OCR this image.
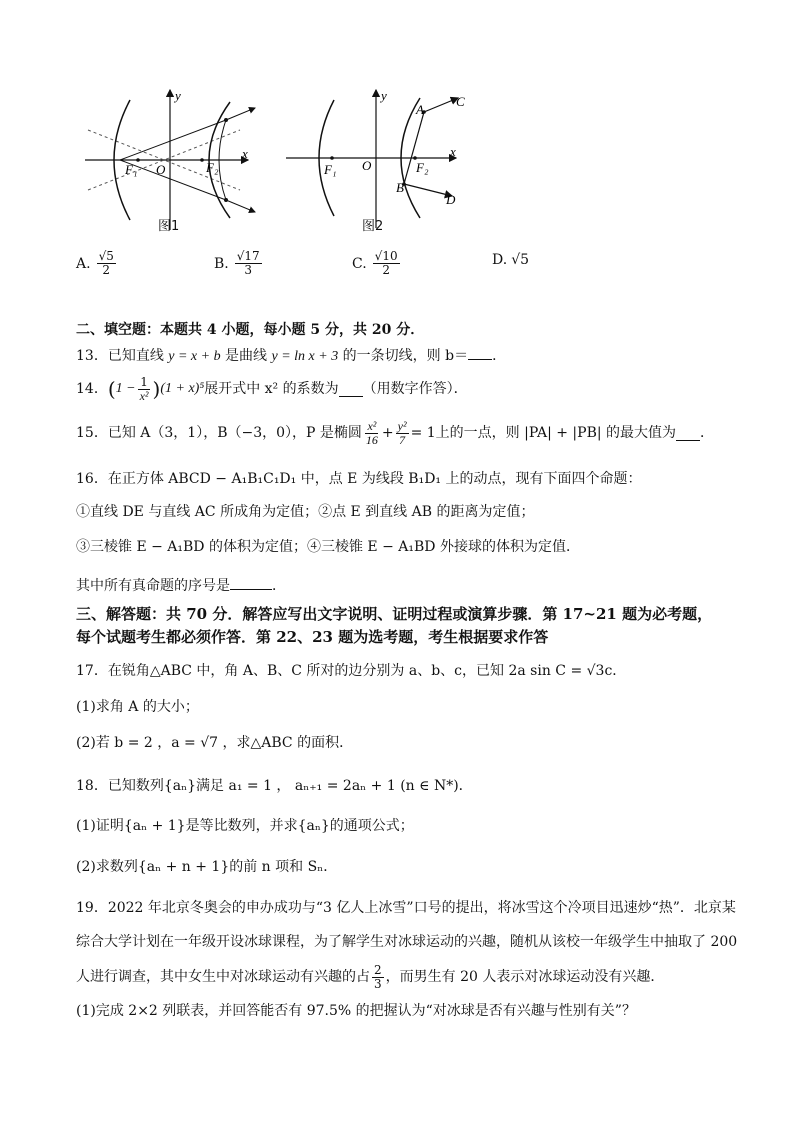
y
x
O
F₁	F₂
图1
y
x
O
F₁	F₂
A
B
C
D
图2
A. $\frac{√5}{2}$	B. $\frac{√17}{3}$	C. $\frac{√10}{2}$	D. √5
二、填空题：本题共 4 小题，每小题 5 分，共 20 分．
13．已知直线 y = x + b 是曲线 y = ln x + 3 的一条切线，则 b＝ ．
14． ( $1 - \frac{1}{\text{x²}}$ ) (1 + x)⁵ 展开式中 x² 的系数为 （用数字作答）．
15．已知 A（3，1），B（−3，0），P 是椭圆 $\frac{\text{x²}}{16} + \frac{\text{y²}}{7} = 1$ 上的一点，则 |PA| + |PB| 的最大值为 ．
16．在正方体 ABCD − A₁B₁C₁D₁ 中，点 E 为线段 B₁D₁ 上的动点，现有下面四个命题：
①直线 DE 与直线 AC 所成角为定值；②点 E 到直线 AB 的距离为定值；
③三棱锥 E − A₁BD 的体积为定值；④三棱锥 E − A₁BD 外接球的体积为定值．
其中所有真命题的序号是	．
三、解答题：共 70 分．解答应写出文字说明、证明过程或演算步骤．第 17~21 题为必考题，
每个试题考生都必须作答．第 22、23 题为选考题，考生根据要求作答
17．在锐角△ABC 中，角 A、B、C 所对的边分别为 a、b、c，已知 2a sin C = √3c．
(1)求角 A 的大小；
(2)若 b = 2 ，a = √7 ，求△ABC 的面积．
18．已知数列{aₙ}满足 a₁ = 1 ， aₙ₊₁ = 2aₙ + 1 (n ∈ N*)．
(1)证明{aₙ + 1}是等比数列，并求{aₙ}的通项公式；
(2)求数列{aₙ + n + 1}的前 n 项和 Sₙ．
19．2022 年北京冬奥会的申办成功与“3 亿人上冰雪”口号的提出，将冰雪这个冷项目迅速炒“热”．北京某
综合大学计划在一年级开设冰球课程，为了解学生对冰球运动的兴趣，随机从该校一年级学生中抽取了 200
人进行调查，其中女生中对冰球运动有兴趣的占 $\frac{2}{3}$ ，而男生有 20 人表示对冰球运动没有兴趣．
(1)完成 2×2 列联表，并回答能否有 97.5% 的把握认为“对冰球是否有兴趣与性别有关”？
